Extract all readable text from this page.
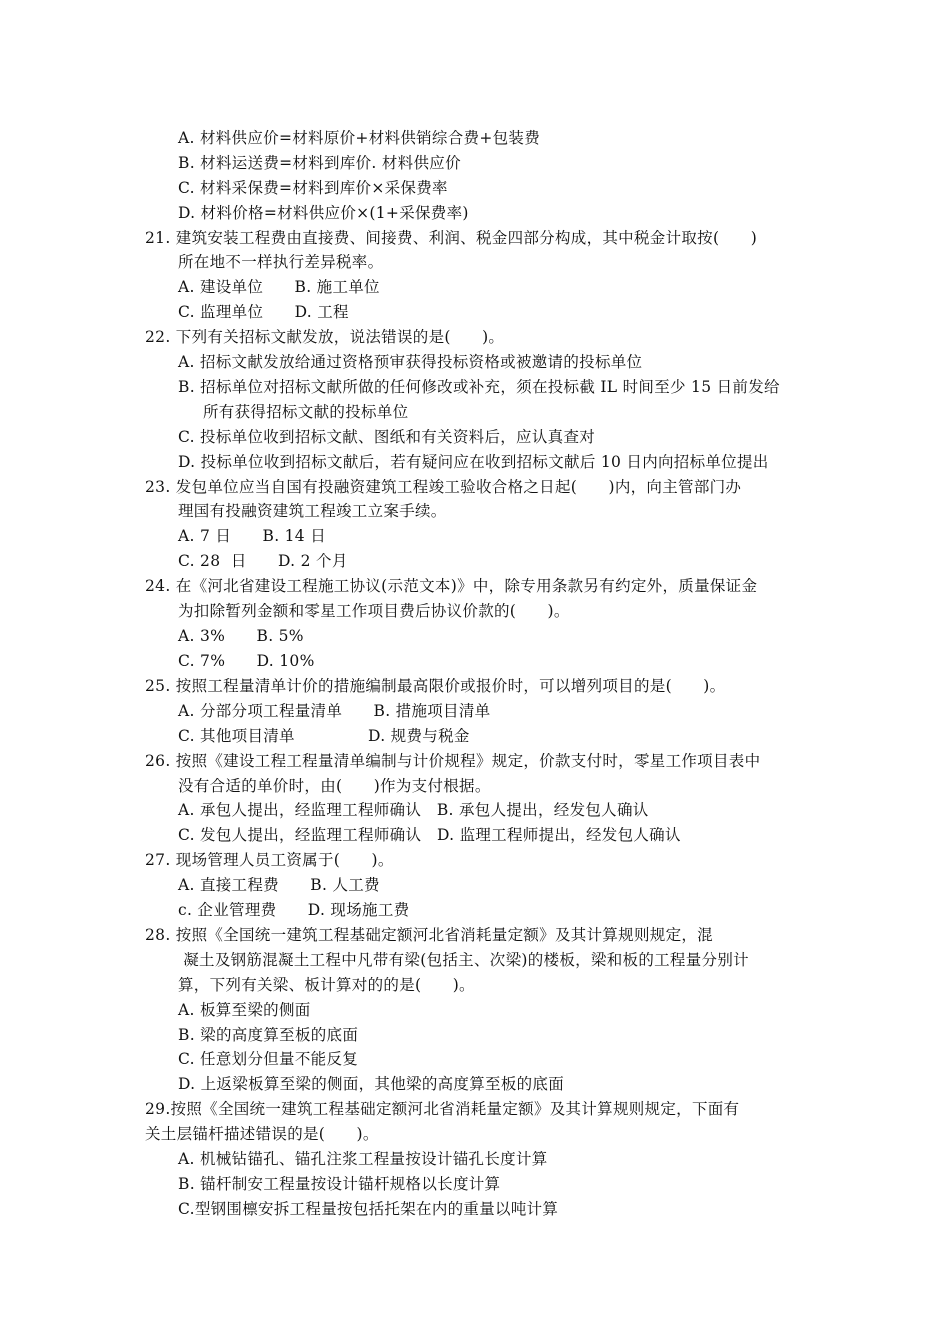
A. 材料供应价=材料原价+材料供销综合费+包装费
B. 材料运送费=材料到库价. 材料供应价
C. 材料采保费=材料到库价×采保费率
D. 材料价格=材料供应价×(1+采保费率)
21. 建筑安装工程费由直接费、间接费、利润、税金四部分构成，其中税金计取按(      )
所在地不一样执行差异税率。
A. 建设单位      B. 施工单位
C. 监理单位      D. 工程
22. 下列有关招标文献发放，说法错误的是(      )。
A. 招标文献发放给通过资格预审获得投标资格或被邀请的投标单位
B. 招标单位对招标文献所做的任何修改或补充，须在投标截 IL 时间至少 15 日前发给
所有获得招标文献的投标单位
C. 投标单位收到招标文献、图纸和有关资料后，应认真查对
D. 投标单位收到招标文献后，若有疑问应在收到招标文献后 10 日内向招标单位提出
23. 发包单位应当自国有投融资建筑工程竣工验收合格之日起(      )内，向主管部门办
理国有投融资建筑工程竣工立案手续。
A. 7 日      B. 14 日
C. 28  日      D. 2 个月
24. 在《河北省建设工程施工协议(示范文本)》中，除专用条款另有约定外，质量保证金
为扣除暂列金额和零星工作项目费后协议价款的(      )。
A. 3%      B. 5%
C. 7%      D. 10%
25. 按照工程量清单计价的措施编制最高限价或报价时，可以增列项目的是(      )。
A. 分部分项工程量清单      B. 措施项目清单
C. 其他项目清单              D. 规费与税金
26. 按照《建设工程工程量清单编制与计价规程》规定，价款支付时，零星工作项目表中
没有合适的单价时，由(      )作为支付根据。
A. 承包人提出，经监理工程师确认   B. 承包人提出，经发包人确认
C. 发包人提出，经监理工程师确认   D. 监理工程师提出，经发包人确认
27. 现场管理人员工资属于(      )。
A. 直接工程费      B. 人工费
c. 企业管理费      D. 现场施工费
28. 按照《全国统一建筑工程基础定额河北省消耗量定额》及其计算规则规定，混
凝土及钢筋混凝土工程中凡带有梁(包括主、次梁)的楼板，梁和板的工程量分别计
算，下列有关梁、板计算对的的是(      )。
A. 板算至梁的侧面
B. 梁的高度算至板的底面
C. 任意划分但量不能反复
D. 上返梁板算至梁的侧面，其他梁的高度算至板的底面
29.按照《全国统一建筑工程基础定额河北省消耗量定额》及其计算规则规定，下面有
关土层锚杆描述错误的是(      )。
A. 机械钻锚孔、锚孔注浆工程量按设计锚孔长度计算
B. 锚杆制安工程量按设计锚杆规格以长度计算
C.型钢围檩安拆工程量按包括托架在内的重量以吨计算
